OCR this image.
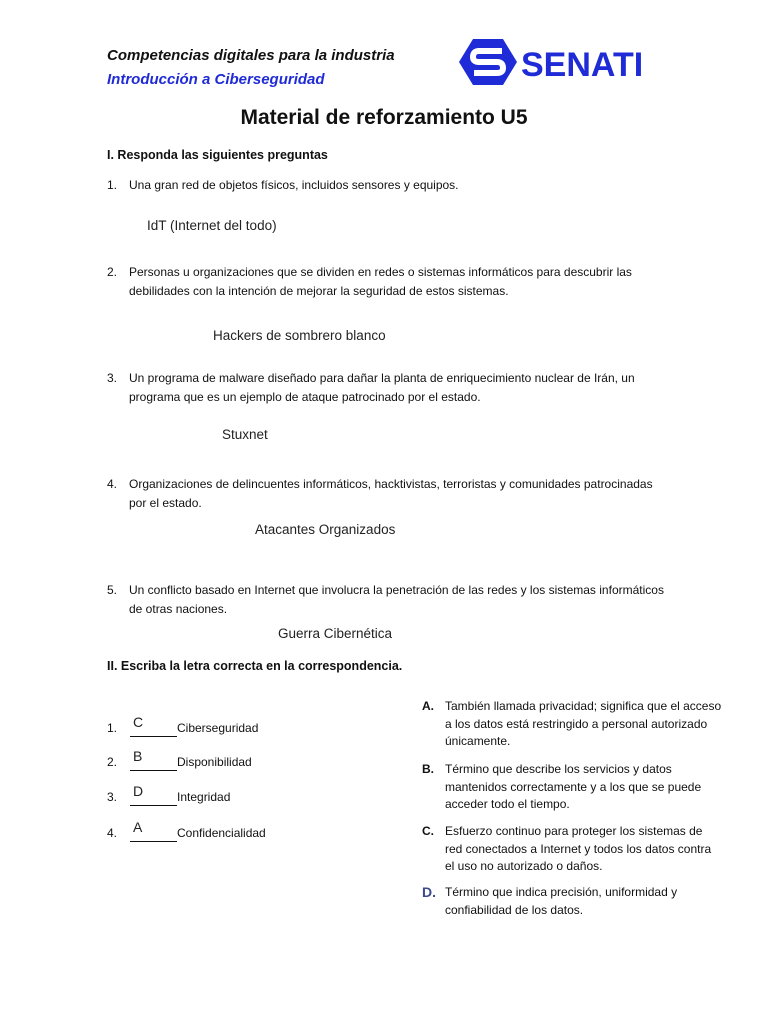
Competencias digitales para la industria
Introducción a Ciberseguridad	SENATI
Material de reforzamiento U5
I. Responda las siguientes preguntas
1. Una gran red de objetos físicos, incluidos sensores y equipos.
IdT (Internet del todo)
2. Personas u organizaciones que se dividen en redes o sistemas informáticos para descubrir las debilidades con la intención de mejorar la seguridad de estos sistemas.
Hackers de sombrero blanco
3. Un programa de malware diseñado para dañar la planta de enriquecimiento nuclear de Irán, un programa que es un ejemplo de ataque patrocinado por el estado.
Stuxnet
4. Organizaciones de delincuentes informáticos, hacktivistas, terroristas y comunidades patrocinadas por el estado.
Atacantes Organizados
5. Un conflicto basado en Internet que involucra la penetración de las redes y los sistemas informáticos de otras naciones.
Guerra Cibernética
II. Escriba la letra correcta en la correspondencia.
1. C	Ciberseguridad
2. B	Disponibilidad
3. D	Integridad
4. A	Confidencialidad
A. También llamada privacidad; significa que el acceso a los datos está restringido a personal autorizado únicamente.
B. Término que describe los servicios y datos mantenidos correctamente y a los que se puede acceder todo el tiempo.
C. Esfuerzo continuo para proteger los sistemas de red conectados a Internet y todos los datos contra el uso no autorizado o daños.
D. Término que indica precisión, uniformidad y confiabilidad de los datos.
